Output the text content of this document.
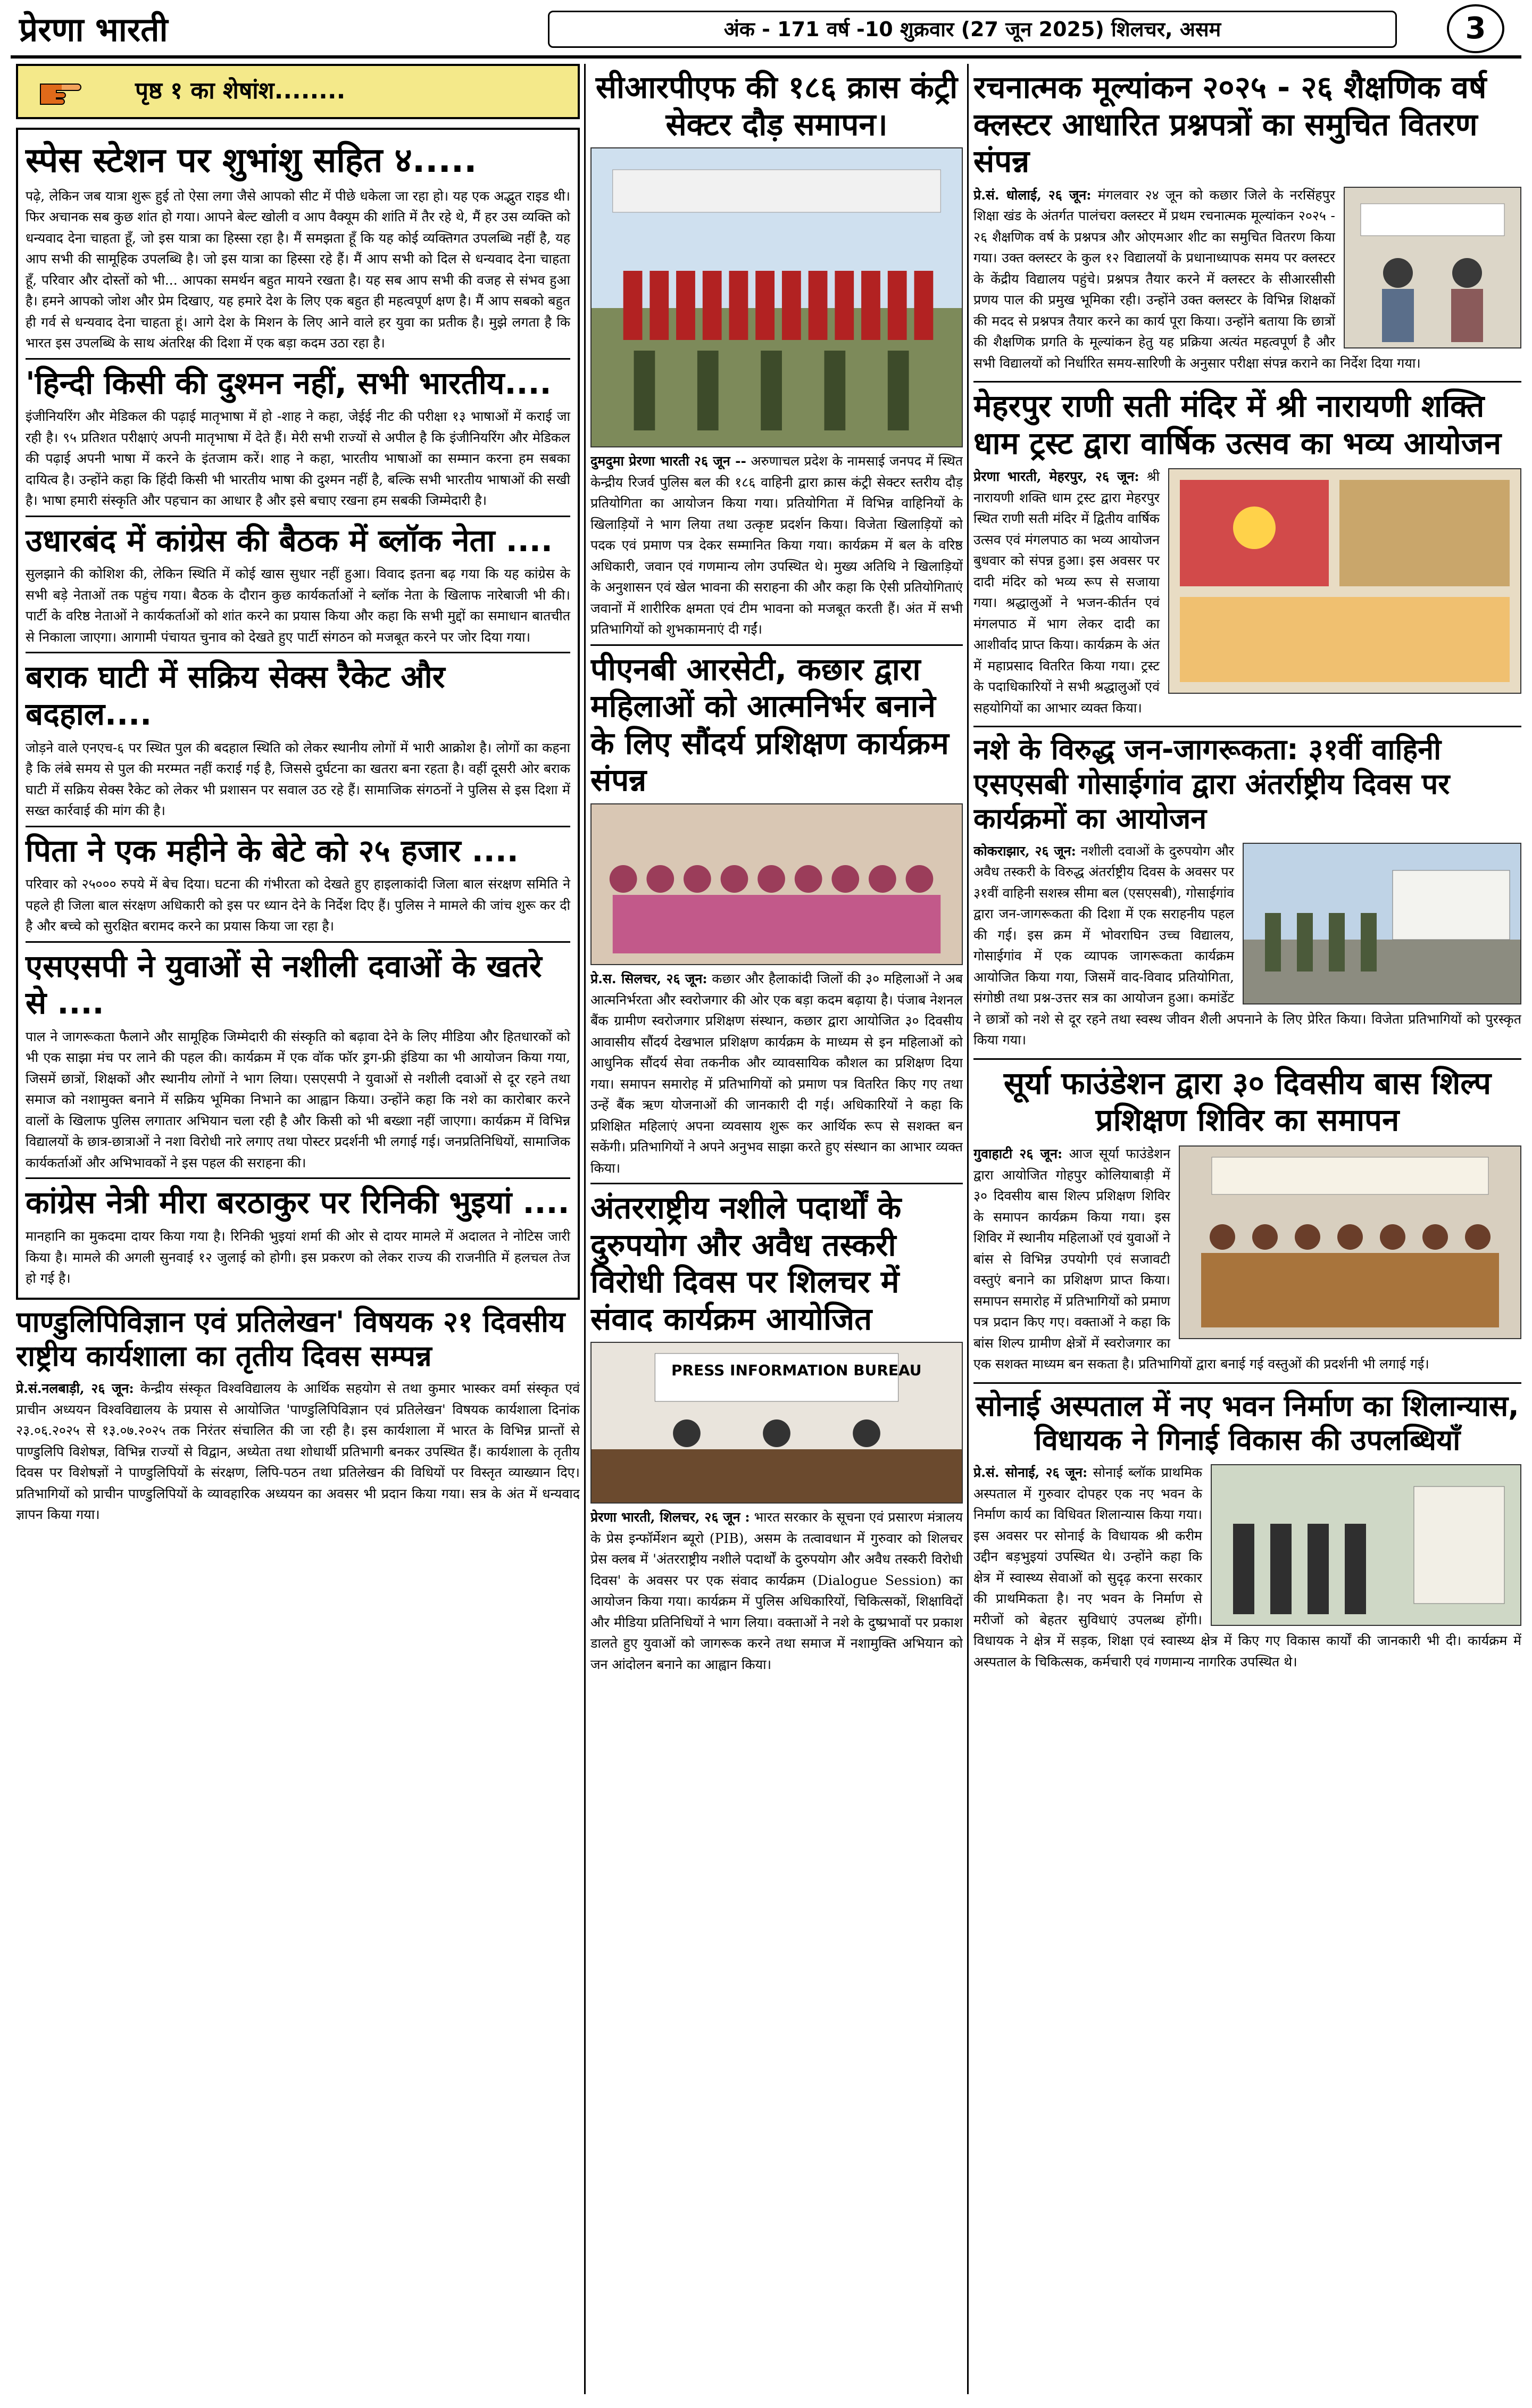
प्रेरणा भारती	अंक - 171 वर्ष -10 शुक्रवार (27 जून 2025) शिलचर, असम	3
पृष्ठ १ का शेषांश........
स्पेस स्टेशन पर शुभांशु सहित ४.....

पढ़े, लेकिन जब यात्रा शुरू हुई तो ऐसा लगा जैसे आपको सीट में पीछे धकेला जा रहा हो। यह एक अद्भुत राइड थी। फिर अचानक सब कुछ शांत हो गया। आपने बेल्ट खोली व आप वैक्यूम की शांति में तैर रहे थे, मैं हर उस व्यक्ति को धन्यवाद देना चाहता हूँ, जो इस यात्रा का हिस्सा रहा है। मैं समझता हूँ कि यह कोई व्यक्तिगत उपलब्धि नहीं है, यह आप सभी की सामूहिक उपलब्धि है। जो इस यात्रा का हिस्सा रहे हैं। मैं आप सभी को दिल से धन्यवाद देना चाहता हूँ, परिवार और दोस्तों को भी... आपका समर्थन बहुत मायने रखता है। यह सब आप सभी की वजह से संभव हुआ है। हमने आपको जोश और प्रेम दिखाए, यह हमारे देश के लिए एक बहुत ही महत्वपूर्ण क्षण है। मैं आप सबको बहुत ही गर्व से धन्यवाद देना चाहता हूं। आगे देश के मिशन के लिए आने वाले हर युवा का प्रतीक है। मुझे लगता है कि भारत इस उपलब्धि के साथ अंतरिक्ष की दिशा में एक बड़ा कदम उठा रहा है।

'हिन्दी किसी की दुश्मन नहीं, सभी भारतीय....

इंजीनियरिंग और मेडिकल की पढ़ाई मातृभाषा में हो -शाह ने कहा, जेईई नीट की परीक्षा १३ भाषाओं में कराई जा रही है। ९५ प्रतिशत परीक्षाएं अपनी मातृभाषा में देते हैं। मेरी सभी राज्यों से अपील है कि इंजीनियरिंग और मेडिकल की पढ़ाई अपनी भाषा में करने के इंतजाम करें। शाह ने कहा, भारतीय भाषाओं का सम्मान करना हम सबका दायित्व है। उन्होंने कहा कि हिंदी किसी भी भारतीय भाषा की दुश्मन नहीं है, बल्कि सभी भारतीय भाषाओं की सखी है। भाषा हमारी संस्कृति और पहचान का आधार है और इसे बचाए रखना हम सबकी जिम्मेदारी है।

उधारबंद में कांग्रेस की बैठक में ब्लॉक नेता ....

सुलझाने की कोशिश की, लेकिन स्थिति में कोई खास सुधार नहीं हुआ। विवाद इतना बढ़ गया कि यह कांग्रेस के सभी बड़े नेताओं तक पहुंच गया। बैठक के दौरान कुछ कार्यकर्ताओं ने ब्लॉक नेता के खिलाफ नारेबाजी भी की। पार्टी के वरिष्ठ नेताओं ने कार्यकर्ताओं को शांत करने का प्रयास किया और कहा कि सभी मुद्दों का समाधान बातचीत से निकाला जाएगा। आगामी पंचायत चुनाव को देखते हुए पार्टी संगठन को मजबूत करने पर जोर दिया गया।

बराक घाटी में सक्रिय सेक्स रैकेट और बदहाल....

जोड़ने वाले एनएच-६ पर स्थित पुल की बदहाल स्थिति को लेकर स्थानीय लोगों में भारी आक्रोश है। लोगों का कहना है कि लंबे समय से पुल की मरम्मत नहीं कराई गई है, जिससे दुर्घटना का खतरा बना रहता है। वहीं दूसरी ओर बराक घाटी में सक्रिय सेक्स रैकेट को लेकर भी प्रशासन पर सवाल उठ रहे हैं। सामाजिक संगठनों ने पुलिस से इस दिशा में सख्त कार्रवाई की मांग की है।

पिता ने एक महीने के बेटे को २५ हजार ....

परिवार को २५००० रुपये में बेच दिया। घटना की गंभीरता को देखते हुए हाइलाकांदी जिला बाल संरक्षण समिति ने पहले ही जिला बाल संरक्षण अधिकारी को इस पर ध्यान देने के निर्देश दिए हैं। पुलिस ने मामले की जांच शुरू कर दी है और बच्चे को सुरक्षित बरामद करने का प्रयास किया जा रहा है।

एसएसपी ने युवाओं से नशीली दवाओं के खतरे से ....

पाल ने जागरूकता फैलाने और सामूहिक जिम्मेदारी की संस्कृति को बढ़ावा देने के लिए मीडिया और हितधारकों को भी एक साझा मंच पर लाने की पहल की। कार्यक्रम में एक वॉक फॉर ड्रग-फ्री इंडिया का भी आयोजन किया गया, जिसमें छात्रों, शिक्षकों और स्थानीय लोगों ने भाग लिया। एसएसपी ने युवाओं से नशीली दवाओं से दूर रहने तथा समाज को नशामुक्त बनाने में सक्रिय भूमिका निभाने का आह्वान किया। उन्होंने कहा कि नशे का कारोबार करने वालों के खिलाफ पुलिस लगातार अभियान चला रही है और किसी को भी बख्शा नहीं जाएगा। कार्यक्रम में विभिन्न विद्यालयों के छात्र-छात्राओं ने नशा विरोधी नारे लगाए तथा पोस्टर प्रदर्शनी भी लगाई गई। जनप्रतिनिधियों, सामाजिक कार्यकर्ताओं और अभिभावकों ने इस पहल की सराहना की।

कांग्रेस नेत्री मीरा बरठाकुर पर रिनिकी भुइयां ....

मानहानि का मुकदमा दायर किया गया है। रिनिकी भुइयां शर्मा की ओर से दायर मामले में अदालत ने नोटिस जारी किया है। मामले की अगली सुनवाई १२ जुलाई को होगी। इस प्रकरण को लेकर राज्य की राजनीति में हलचल तेज हो गई है।

पाण्डुलिपिविज्ञान एवं प्रतिलेखन' विषयक २१ दिवसीय राष्ट्रीय कार्यशाला का तृतीय दिवस सम्पन्न

प्रे.सं.नलबाड़ी, २६ जून: केन्द्रीय संस्कृत विश्वविद्यालय के आर्थिक सहयोग से तथा कुमार भास्कर वर्मा संस्कृत एवं प्राचीन अध्ययन विश्वविद्यालय के प्रयास से आयोजित 'पाण्डुलिपिविज्ञान एवं प्रतिलेखन' विषयक कार्यशाला दिनांक २३.०६.२०२५ से १३.०७.२०२५ तक निरंतर संचालित की जा रही है। इस कार्यशाला में भारत के विभिन्न प्रान्तों से पाण्डुलिपि विशेषज्ञ, विभिन्न राज्यों से विद्वान, अध्येता तथा शोधार्थी प्रतिभागी बनकर उपस्थित हैं। कार्यशाला के तृतीय दिवस पर विशेषज्ञों ने पाण्डुलिपियों के संरक्षण, लिपि-पठन तथा प्रतिलेखन की विधियों पर विस्तृत व्याख्यान दिए। प्रतिभागियों को प्राचीन पाण्डुलिपियों के व्यावहारिक अध्ययन का अवसर भी प्रदान किया गया। सत्र के अंत में धन्यवाद ज्ञापन किया गया।

सीआरपीएफ की १८६ क्रास कंट्री सेक्टर दौड़ समापन।

दुमदुमा प्रेरणा भारती २६ जून -- अरुणाचल प्रदेश के नामसाई जनपद में स्थित केन्द्रीय रिजर्व पुलिस बल की १८६ वाहिनी द्वारा क्रास कंट्री सेक्टर स्तरीय दौड़ प्रतियोगिता का आयोजन किया गया। प्रतियोगिता में विभिन्न वाहिनियों के खिलाड़ियों ने भाग लिया तथा उत्कृष्ट प्रदर्शन किया। विजेता खिलाड़ियों को पदक एवं प्रमाण पत्र देकर सम्मानित किया गया। कार्यक्रम में बल के वरिष्ठ अधिकारी, जवान एवं गणमान्य लोग उपस्थित थे। मुख्य अतिथि ने खिलाड़ियों के अनुशासन एवं खेल भावना की सराहना की और कहा कि ऐसी प्रतियोगिताएं जवानों में शारीरिक क्षमता एवं टीम भावना को मजबूत करती हैं। अंत में सभी प्रतिभागियों को शुभकामनाएं दी गईं।

पीएनबी आरसेटी, कछार द्वारा महिलाओं को आत्मनिर्भर बनाने के लिए सौंदर्य प्रशिक्षण कार्यक्रम संपन्न

प्रे.स. सिलचर, २६ जून: कछार और हैलाकांदी जिलों की ३० महिलाओं ने अब आत्मनिर्भरता और स्वरोजगार की ओर एक बड़ा कदम बढ़ाया है। पंजाब नेशनल बैंक ग्रामीण स्वरोजगार प्रशिक्षण संस्थान, कछार द्वारा आयोजित ३० दिवसीय आवासीय सौंदर्य देखभाल प्रशिक्षण कार्यक्रम के माध्यम से इन महिलाओं को आधुनिक सौंदर्य सेवा तकनीक और व्यावसायिक कौशल का प्रशिक्षण दिया गया। समापन समारोह में प्रतिभागियों को प्रमाण पत्र वितरित किए गए तथा उन्हें बैंक ऋण योजनाओं की जानकारी दी गई। अधिकारियों ने कहा कि प्रशिक्षित महिलाएं अपना व्यवसाय शुरू कर आर्थिक रूप से सशक्त बन सकेंगी। प्रतिभागियों ने अपने अनुभव साझा करते हुए संस्थान का आभार व्यक्त किया।

अंतरराष्ट्रीय नशीले पदार्थों के दुरुपयोग और अवैध तस्करी विरोधी दिवस पर शिलचर में संवाद कार्यक्रम आयोजित
PRESS INFORMATION BUREAU

प्रेरणा भारती, शिलचर, २६ जून : भारत सरकार के सूचना एवं प्रसारण मंत्रालय के प्रेस इन्फॉर्मेशन ब्यूरो (PIB), असम के तत्वावधान में गुरुवार को शिलचर प्रेस क्लब में 'अंतरराष्ट्रीय नशीले पदार्थों के दुरुपयोग और अवैध तस्करी विरोधी दिवस' के अवसर पर एक संवाद कार्यक्रम (Dialogue Session) का आयोजन किया गया। कार्यक्रम में पुलिस अधिकारियों, चिकित्सकों, शिक्षाविदों और मीडिया प्रतिनिधियों ने भाग लिया। वक्ताओं ने नशे के दुष्प्रभावों पर प्रकाश डालते हुए युवाओं को जागरूक करने तथा समाज में नशामुक्ति अभियान को जन आंदोलन बनाने का आह्वान किया।

रचनात्मक मूल्यांकन २०२५ - २६ शैक्षणिक वर्ष क्लस्टर आधारित प्रश्नपत्रों का समुचित वितरण संपन्न

प्रे.सं. धोलाई, २६ जून: मंगलवार २४ जून को कछार जिले के नरसिंहपुर शिक्षा खंड के अंतर्गत पालंचरा क्लस्टर में प्रथम रचनात्मक मूल्यांकन २०२५ - २६ शैक्षणिक वर्ष के प्रश्नपत्र और ओएमआर शीट का समुचित वितरण किया गया। उक्त क्लस्टर के कुल १२ विद्यालयों के प्रधानाध्यापक समय पर क्लस्टर के केंद्रीय विद्यालय पहुंचे। प्रश्नपत्र तैयार करने में क्लस्टर के सीआरसीसी प्रणय पाल की प्रमुख भूमिका रही। उन्होंने उक्त क्लस्टर के विभिन्न शिक्षकों की मदद से प्रश्नपत्र तैयार करने का कार्य पूरा किया। उन्होंने बताया कि छात्रों की शैक्षणिक प्रगति के मूल्यांकन हेतु यह प्रक्रिया अत्यंत महत्वपूर्ण है और सभी विद्यालयों को निर्धारित समय-सारिणी के अनुसार परीक्षा संपन्न कराने का निर्देश दिया गया।

मेहरपुर राणी सती मंदिर में श्री नारायणी शक्ति धाम ट्रस्ट द्वारा वार्षिक उत्सव का भव्य आयोजन

प्रेरणा भारती, मेहरपुर, २६ जून: श्री नारायणी शक्ति धाम ट्रस्ट द्वारा मेहरपुर स्थित राणी सती मंदिर में द्वितीय वार्षिक उत्सव एवं मंगलपाठ का भव्य आयोजन बुधवार को संपन्न हुआ। इस अवसर पर दादी मंदिर को भव्य रूप से सजाया गया। श्रद्धालुओं ने भजन-कीर्तन एवं मंगलपाठ में भाग लेकर दादी का आशीर्वाद प्राप्त किया। कार्यक्रम के अंत में महाप्रसाद वितरित किया गया। ट्रस्ट के पदाधिकारियों ने सभी श्रद्धालुओं एवं सहयोगियों का आभार व्यक्त किया।

नशे के विरुद्ध जन-जागरूकता: ३१वीं वाहिनी एसएसबी गोसाईगांव द्वारा अंतर्राष्ट्रीय दिवस पर कार्यक्रमों का आयोजन

कोकराझार, २६ जून: नशीली दवाओं के दुरुपयोग और अवैध तस्करी के विरुद्ध अंतर्राष्ट्रीय दिवस के अवसर पर ३१वीं वाहिनी सशस्त्र सीमा बल (एसएसबी), गोसाईगांव द्वारा जन-जागरूकता की दिशा में एक सराहनीय पहल की गई। इस क्रम में भोवराघिन उच्च विद्यालय, गोसाईगांव में एक व्यापक जागरूकता कार्यक्रम आयोजित किया गया, जिसमें वाद-विवाद प्रतियोगिता, संगोष्ठी तथा प्रश्न-उत्तर सत्र का आयोजन हुआ। कमांडेंट ने छात्रों को नशे से दूर रहने तथा स्वस्थ जीवन शैली अपनाने के लिए प्रेरित किया। विजेता प्रतिभागियों को पुरस्कृत किया गया।

सूर्या फाउंडेशन द्वारा ३० दिवसीय बास शिल्प प्रशिक्षण शिविर का समापन

गुवाहाटी २६ जून: आज सूर्या फाउंडेशन द्वारा आयोजित गोहपुर कोलियाबाड़ी में ३० दिवसीय बास शिल्प प्रशिक्षण शिविर के समापन कार्यक्रम किया गया। इस शिविर में स्थानीय महिलाओं एवं युवाओं ने बांस से विभिन्न उपयोगी एवं सजावटी वस्तुएं बनाने का प्रशिक्षण प्राप्त किया। समापन समारोह में प्रतिभागियों को प्रमाण पत्र प्रदान किए गए। वक्ताओं ने कहा कि बांस शिल्प ग्रामीण क्षेत्रों में स्वरोजगार का एक सशक्त माध्यम बन सकता है। प्रतिभागियों द्वारा बनाई गई वस्तुओं की प्रदर्शनी भी लगाई गई।

सोनाई अस्पताल में नए भवन निर्माण का शिलान्यास, विधायक ने गिनाई विकास की उपलब्धियाँ

प्रे.सं. सोनाई, २६ जून: सोनाई ब्लॉक प्राथमिक अस्पताल में गुरुवार दोपहर एक नए भवन के निर्माण कार्य का विधिवत शिलान्यास किया गया। इस अवसर पर सोनाई के विधायक श्री करीम उद्दीन बड़भुइयां उपस्थित थे। उन्होंने कहा कि क्षेत्र में स्वास्थ्य सेवाओं को सुदृढ़ करना सरकार की प्राथमिकता है। नए भवन के निर्माण से मरीजों को बेहतर सुविधाएं उपलब्ध होंगी। विधायक ने क्षेत्र में सड़क, शिक्षा एवं स्वास्थ्य क्षेत्र में किए गए विकास कार्यों की जानकारी भी दी। कार्यक्रम में अस्पताल के चिकित्सक, कर्मचारी एवं गणमान्य नागरिक उपस्थित थे।
